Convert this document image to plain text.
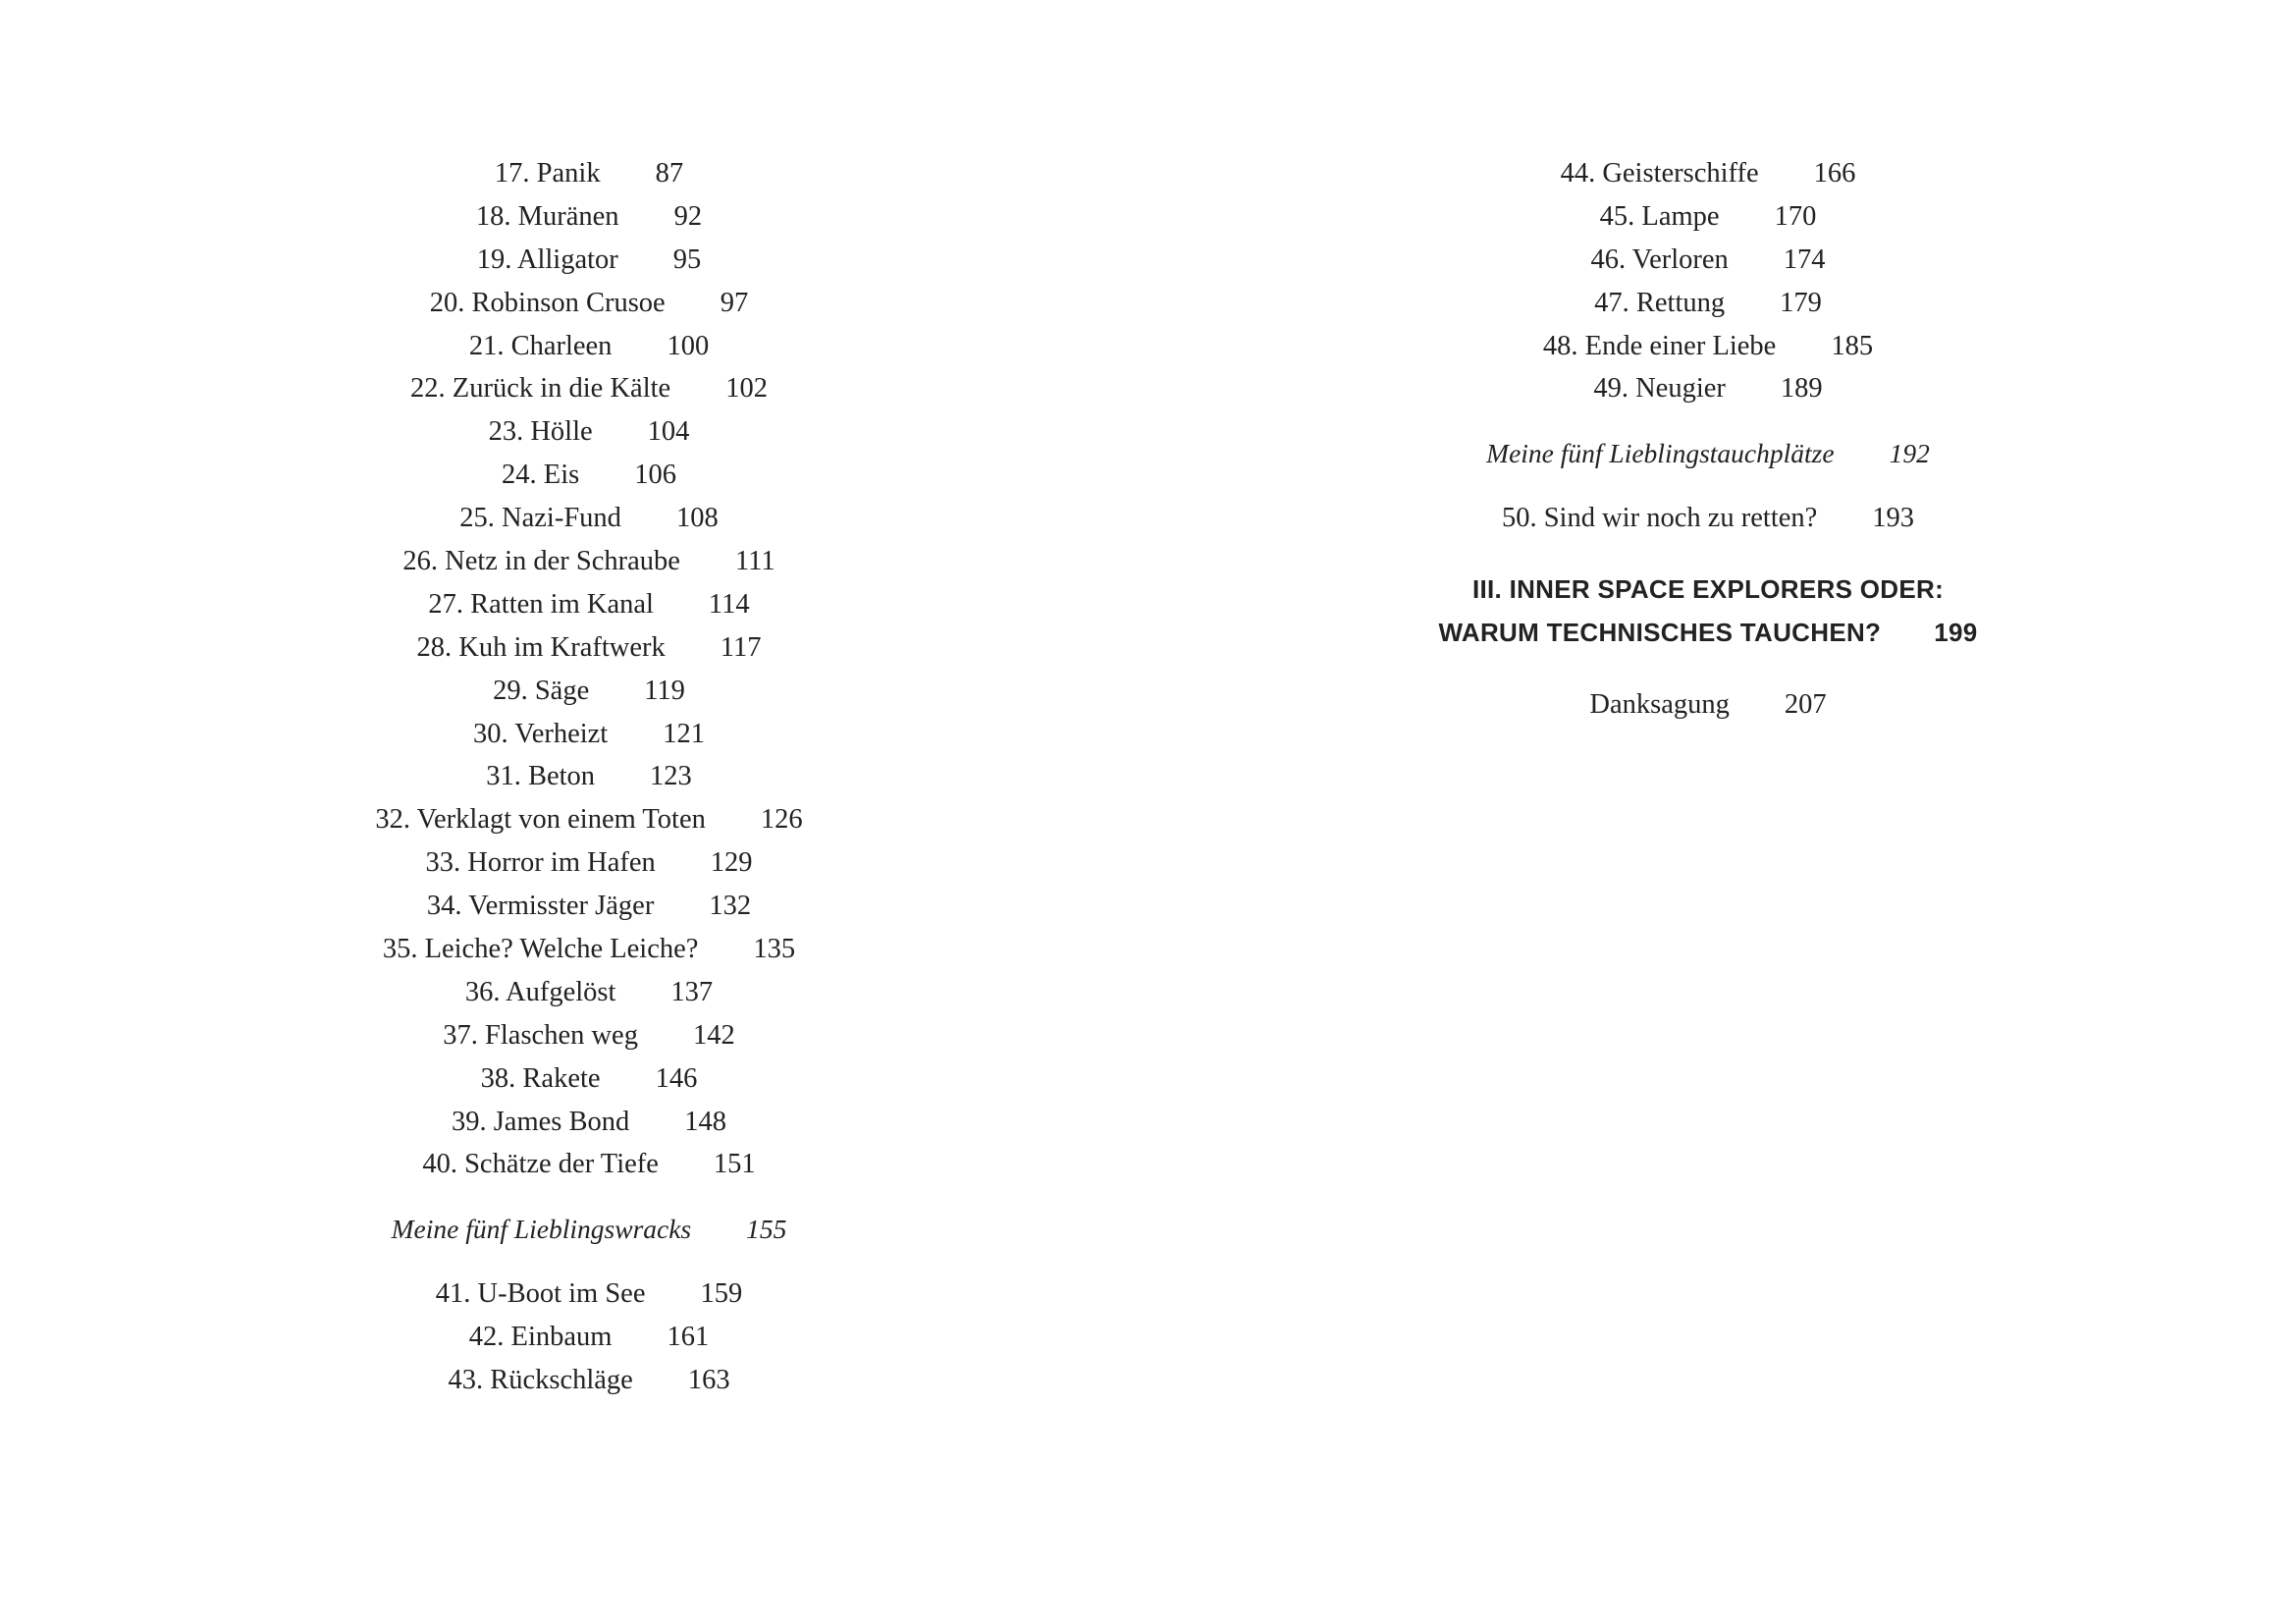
17. Panik 87
18. Muränen 92
19. Alligator 95
20. Robinson Crusoe 97
21. Charleen 100
22. Zurück in die Kälte 102
23. Hölle 104
24. Eis 106
25. Nazi-Fund 108
26. Netz in der Schraube 111
27. Ratten im Kanal 114
28. Kuh im Kraftwerk 117
29. Säge 119
30. Verheizt 121
31. Beton 123
32. Verklagt von einem Toten 126
33. Horror im Hafen 129
34. Vermisster Jäger 132
35. Leiche? Welche Leiche? 135
36. Aufgelöst 137
37. Flaschen weg 142
38. Rakete 146
39. James Bond 148
40. Schätze der Tiefe 151
Meine fünf Lieblingswracks 155
41. U-Boot im See 159
42. Einbaum 161
43. Rückschläge 163
44. Geisterschiffe 166
45. Lampe 170
46. Verloren 174
47. Rettung 179
48. Ende einer Liebe 185
49. Neugier 189
Meine fünf Lieblingstauchplätze 192
50. Sind wir noch zu retten? 193
III. INNER SPACE EXPLORERS ODER:
WARUM TECHNISCHES TAUCHEN? 199
Danksagung 207
